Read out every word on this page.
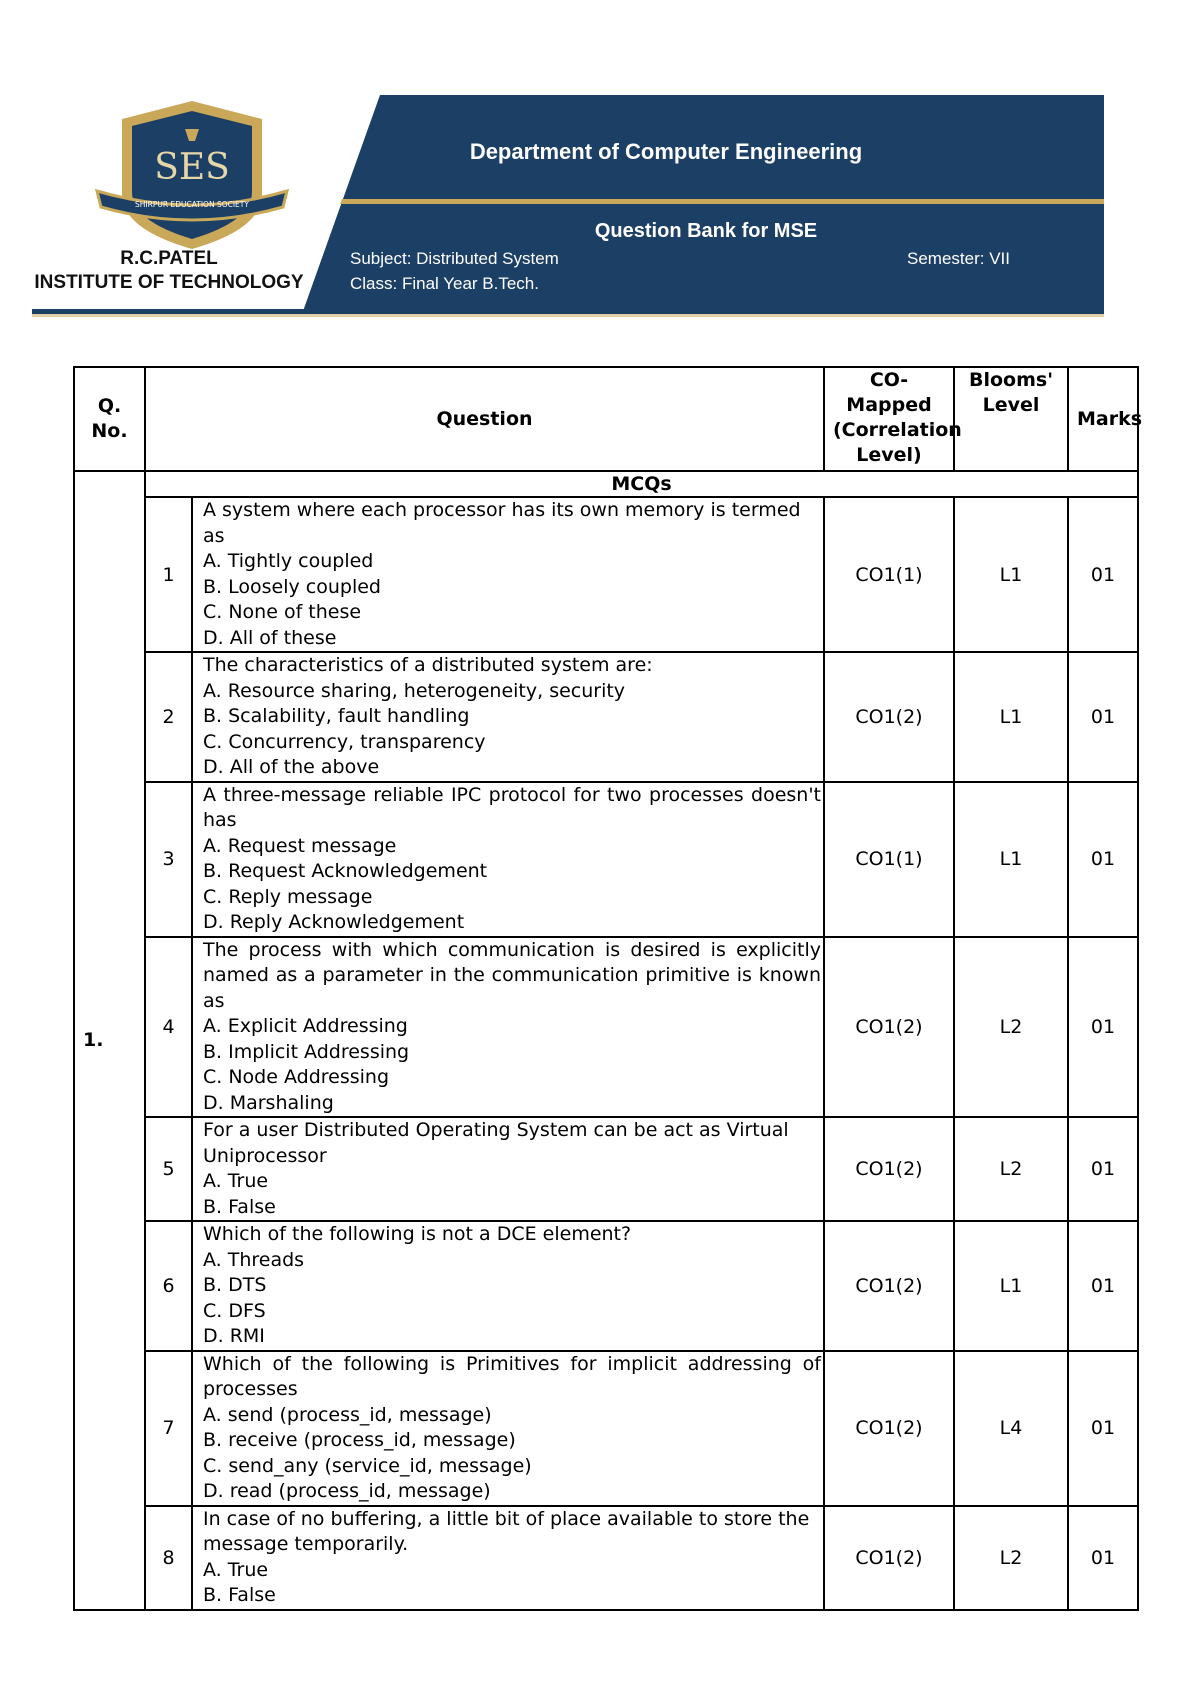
SES
SHIRPUR EDUCATION SOCIETY
R.C.PATEL
INSTITUTE OF TECHNOLOGY
Department of Computer Engineering
Question Bank for MSE
Subject: Distributed System
Class: Final Year B.Tech.
Semester: VII
Q. No.	Question		CO-Mapped (Correlation Level)	Blooms' Level	Marks
1.	MCQs				
	1	A system where each processor has its own memory is termed as
A. Tightly coupled
B. Loosely coupled
C. None of these
D. All of these	CO1(1)	L1	01
	2	The characteristics of a distributed system are:
A. Resource sharing, heterogeneity, security
B. Scalability, fault handling
C. Concurrency, transparency
D. All of the above	CO1(2)	L1	01
	3	A three-message reliable IPC protocol for two processes doesn't has
A. Request message
B. Request Acknowledgement
C. Reply message
D. Reply Acknowledgement	CO1(1)	L1	01
	4	The process with which communication is desired is explicitly named as a parameter in the communication primitive is known as
A. Explicit Addressing
B. Implicit Addressing
C. Node Addressing
D. Marshaling	CO1(2)	L2	01
	5	For a user Distributed Operating System can be act as Virtual Uniprocessor
A. True
B. False	CO1(2)	L2	01
	6	Which of the following is not a DCE element?
A. Threads
B. DTS
C. DFS
D. RMI	CO1(2)	L1	01
	7	Which of the following is Primitives for implicit addressing of processes
A. send (process_id, message)
B. receive (process_id, message)
C. send_any (service_id, message)
D. read (process_id, message)	CO1(2)	L4	01
	8	In case of no buffering, a little bit of place available to store the message temporarily.
A. True
B. False	CO1(2)	L2	01
